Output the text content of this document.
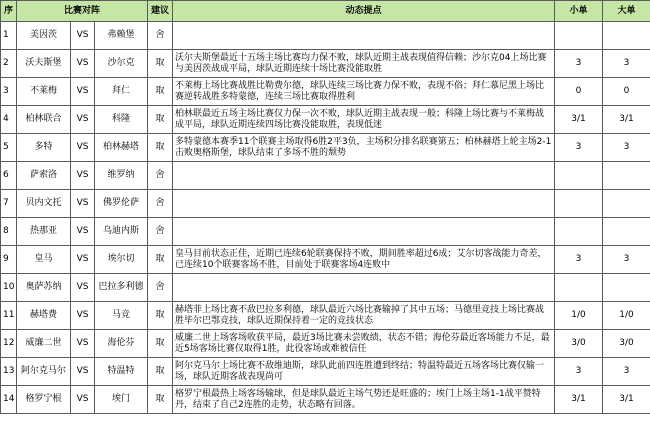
序	比赛对阵			建议	动态提点	小单	大单
1	美因茨	VS	弗赖堡	舍			
2	沃夫斯堡	VS	沙尔克	取	沃尔夫斯堡最近十五场主场比赛均力保不败，球队近期主战表现值得信赖；沙尔克04上场比赛与美因茨战成平局，球队近期连续十场比赛没能取胜	3	3
3	不莱梅	VS	拜仁	取	不莱梅上场比赛战胜比勒费尔德，球队连续三场比赛力保不败，表现不俗；拜仁慕尼黑上场比赛逆转战胜多特蒙德，连续三场比赛取得胜利	0	0
4	柏林联合	VS	科隆	取	柏林联最近五场主场比赛仅力保一次不败，球队近期主战表现一般；科隆上场比赛与不莱梅战成平局，球队近期连续四场比赛没能取胜，表现低迷	3/1	3/1
5	多特	VS	柏林赫塔	取	多特蒙德本赛季11个联赛主场取得6胜2平3负，主场积分排名联赛第五；柏林赫塔上轮主场2-1击败奥格斯堡，球队结束了多场不胜的颓势	3	3
6	萨索洛	VS	维罗纳	舍			
7	贝内文托	VS	佛罗伦萨	舍			
8	热那亚	VS	乌迪内斯	舍			
9	皇马	VS	埃尔切	取	皇马目前状态正佳，近期已连续6轮联赛保持不败，期间胜率超过6成；艾尔切客战能力奇差，已连续10个联赛客场不胜，目前处于联赛客场4连败中	3	3
10	奥萨苏纳	VS	巴拉多利德	舍			
11	赫塔费	VS	马竞	取	赫塔菲上场比赛不敌巴拉多利德，球队最近六场比赛输掉了其中五场；马德里竞技上场比赛战胜毕尔巴鄂竞技，球队近期保持着一定的竞技状态	1/0	1/0
12	威廉二世	VS	海伦芬	取	威廉二世上场客场收获平局，最近3场比赛未尝败绩，状态不错；海伦芬最近客场能力不足，最近5场客场比赛仅取得1胜，此役客场或难被信任	3/0	3/0
13	阿尔克马尔	VS	特温特	取	阿尔克马尔上场比赛不敌维迪斯，球队此前四连胜遭到终结；特温特最近五场客场比赛仅输一场，球队近期客战表现尚可	3	3
14	格罗宁根	VS	埃门	取	格罗宁根最热上场客场输球，但是球队最近主场气势还是旺盛的；埃门上场主场1-1战平赞特丹，结束了自己2连胜的走势，状态略有回落。	3/1	3/1
